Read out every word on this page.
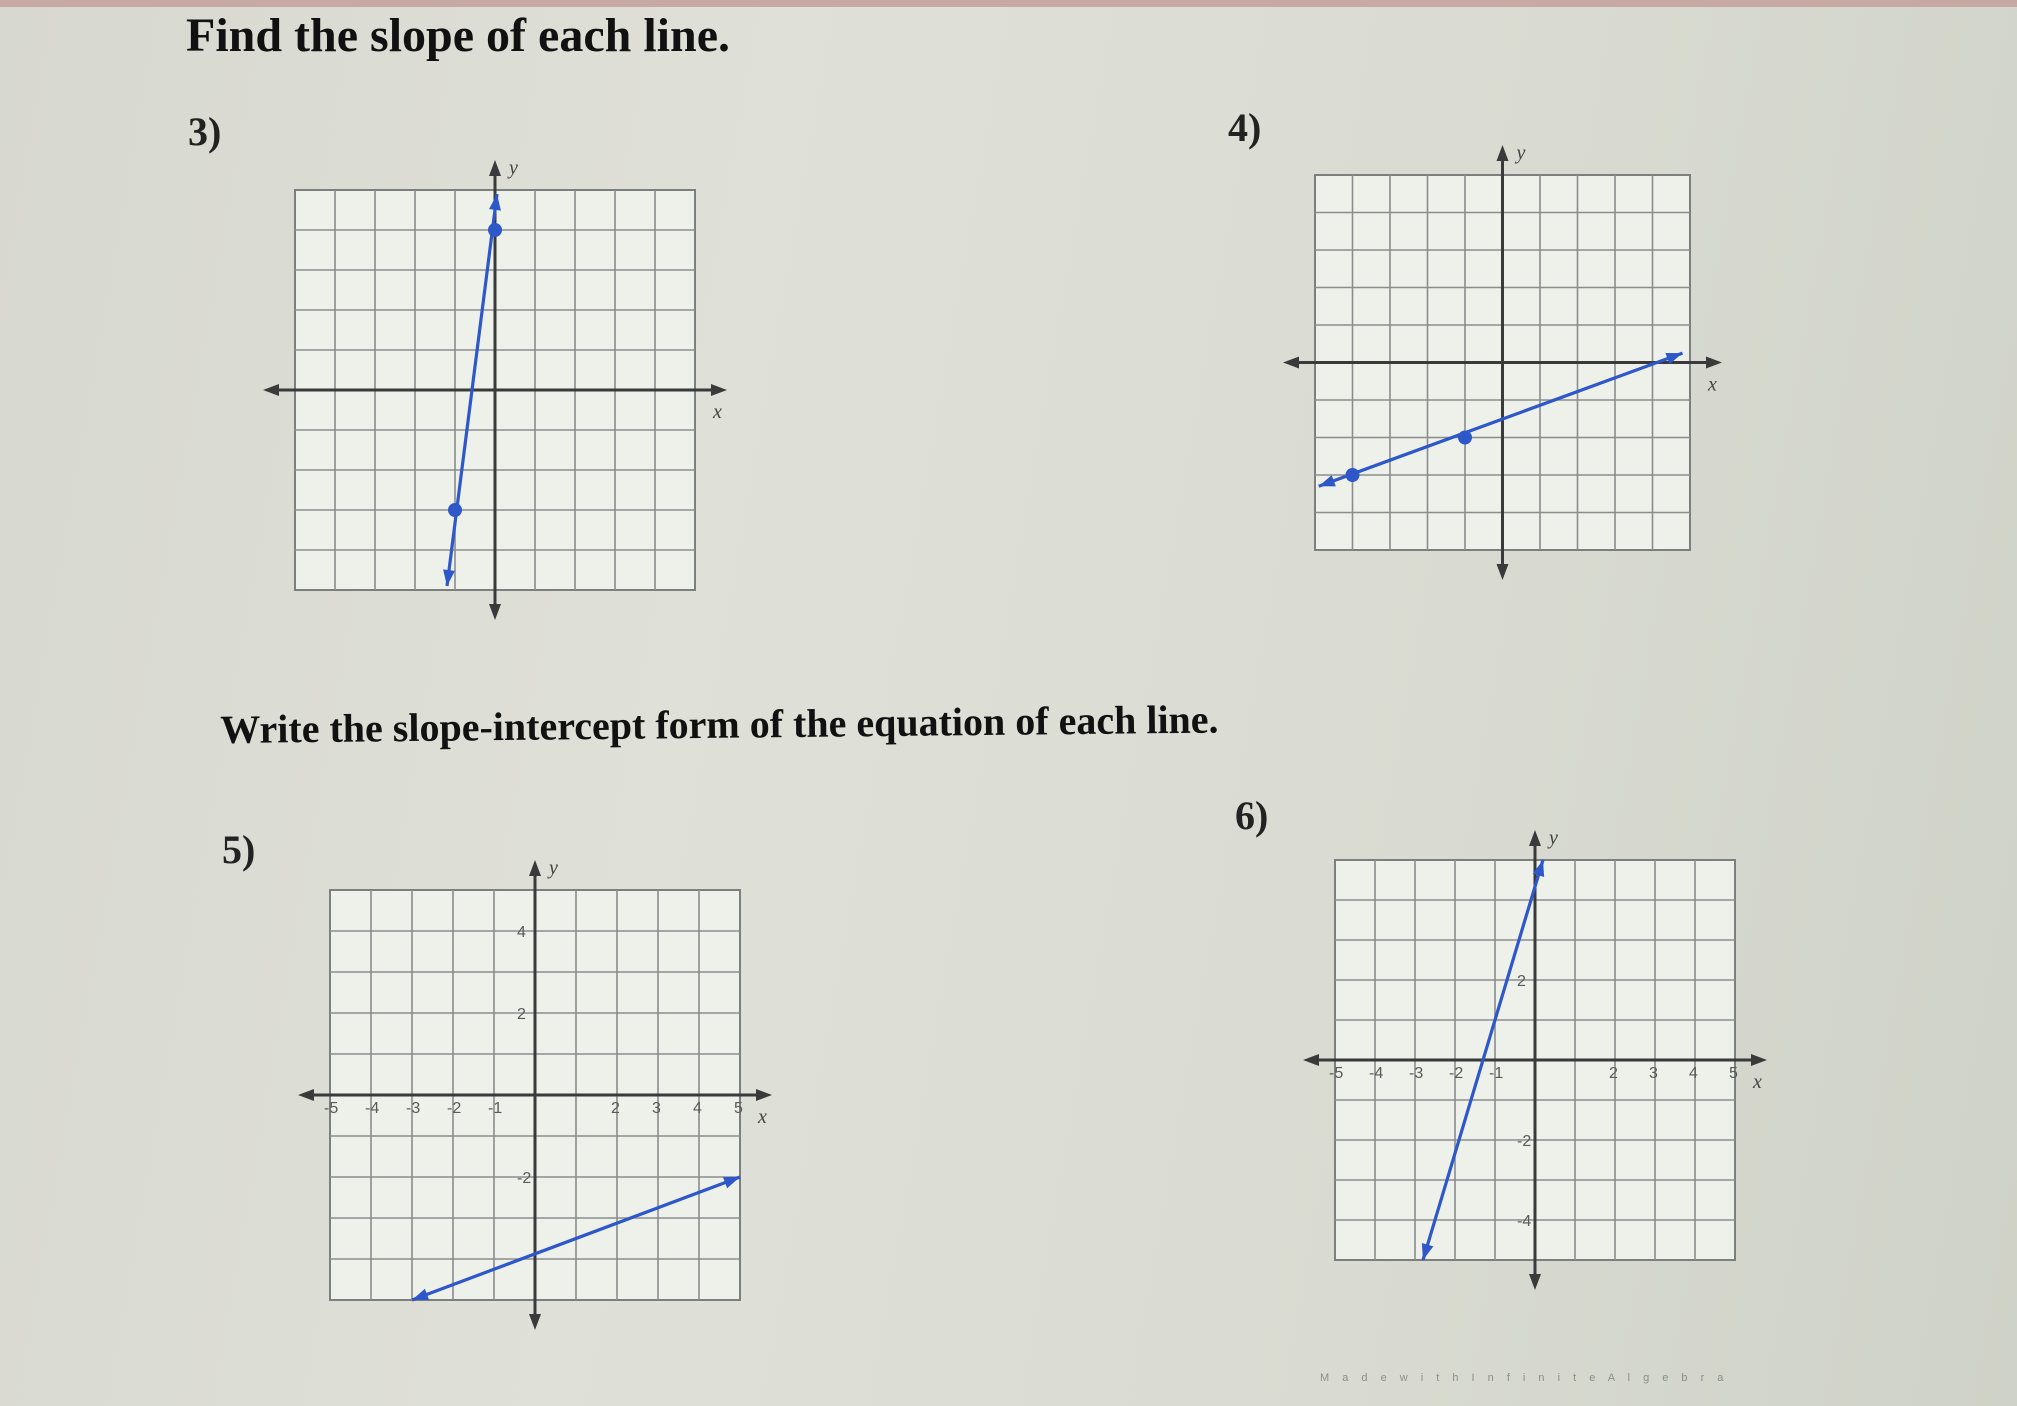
Find the slope of each line.
3)	4)
x
y
x
y
Write the slope-intercept form of the equation of each line.
5)
6)
x
y
-5 -4 -3 -2 -1	2 3 4 5
4
2
-2
x
y
-5 -4 -3 -2 -1	2 3 4 5
2
-2
-4
M a d e w i t h I n f i n i t e A l g e b r a
